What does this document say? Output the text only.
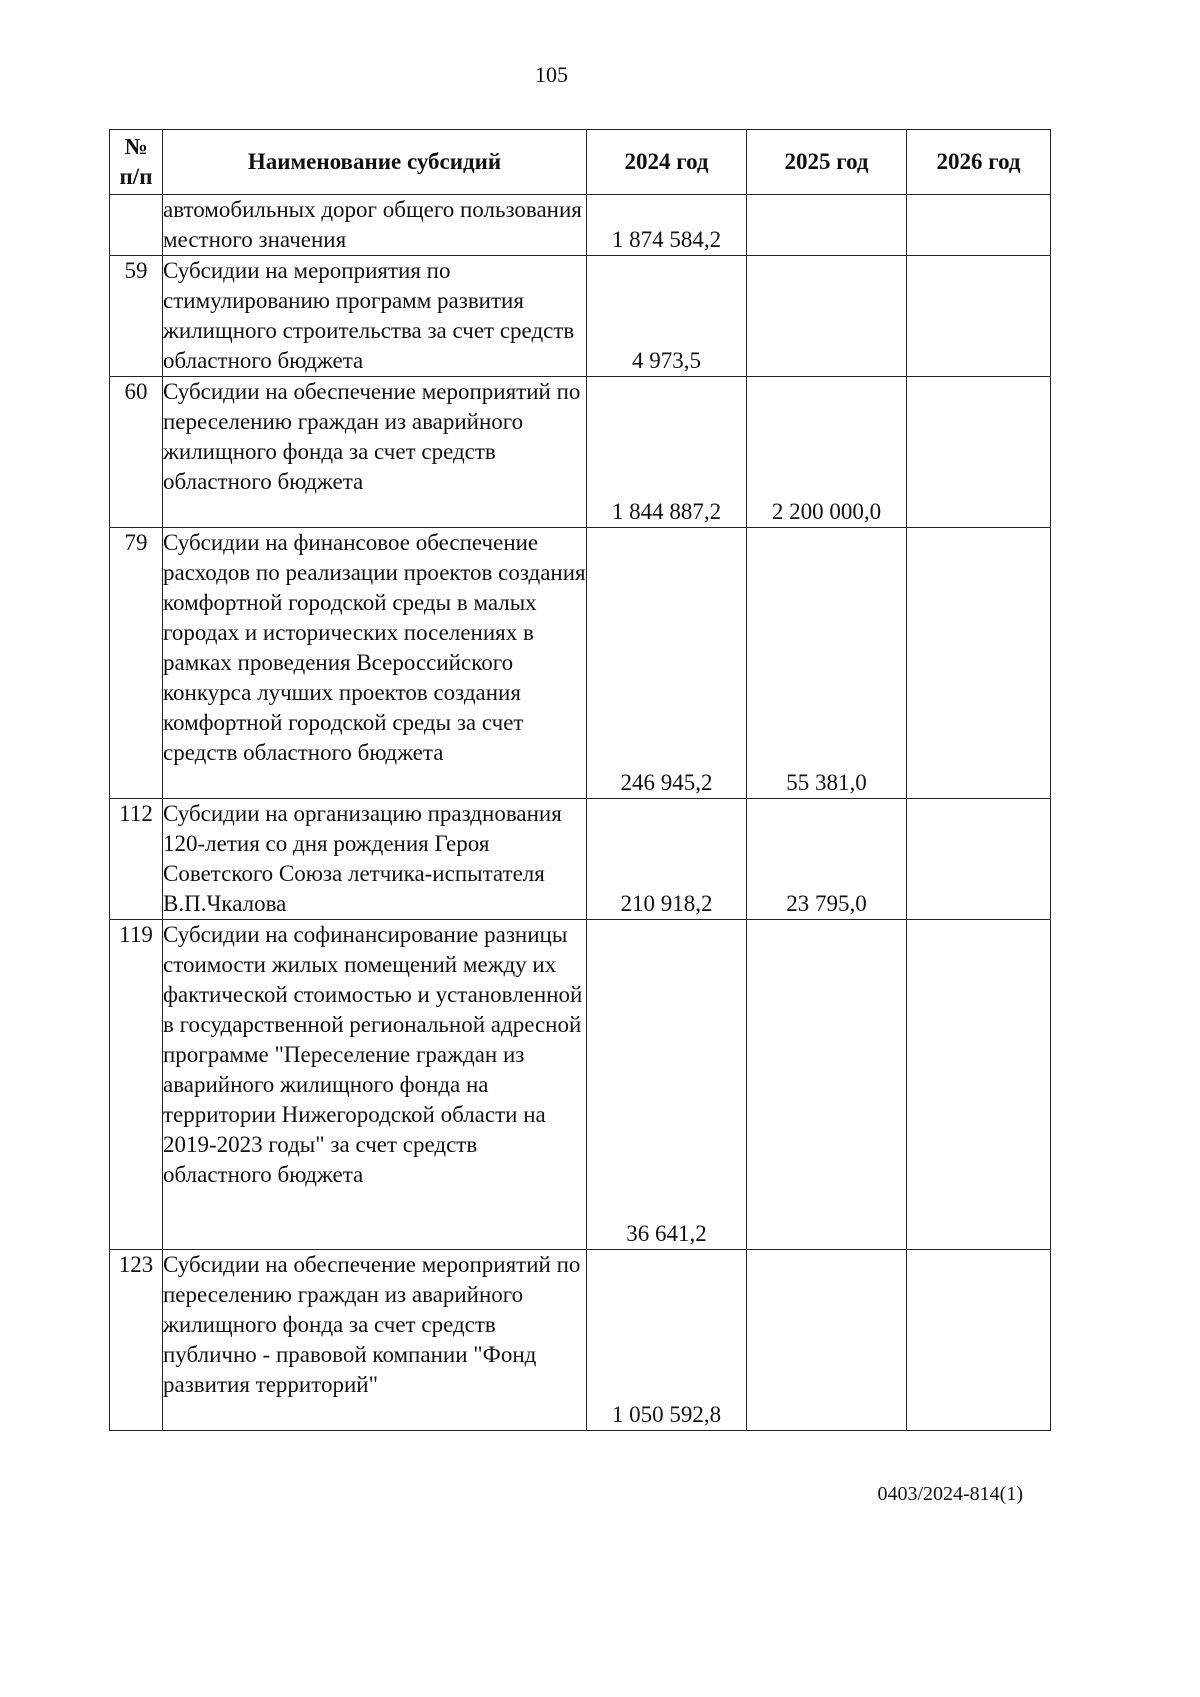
105
№
п/п	Наименование субсидий	2024 год	2025 год	2026 год
	автомобильных дорог общего пользования местного значения	1 874 584,2		
59	Субсидии на мероприятия по стимулированию программ развития жилищного строительства за счет средств областного бюджета	4 973,5		
60	Субсидии на обеспечение мероприятий по переселению граждан из аварийного жилищного фонда за счет средств областного бюджета	1 844 887,2	2 200 000,0	
79	Субсидии на финансовое обеспечение расходов по реализации проектов создания комфортной городской среды в малых городах и исторических поселениях в рамках проведения Всероссийского конкурса лучших проектов создания комфортной городской среды за счет средств областного бюджета	246 945,2	55 381,0	
112	Субсидии на организацию празднования 120-летия со дня рождения Героя Советского Союза летчика-испытателя В.П.Чкалова	210 918,2	23 795,0	
119	Субсидии на софинансирование разницы стоимости жилых помещений между их фактической стоимостью и установленной в государственной региональной адресной программе "Переселение граждан из аварийного жилищного фонда на территории Нижегородской области на 2019-2023 годы" за счет средств областного бюджета	36 641,2		
123	Субсидии на обеспечение мероприятий по переселению граждан из аварийного жилищного фонда за счет средств публично - правовой компании "Фонд развития территорий"	1 050 592,8		
0403/2024-814(1)
